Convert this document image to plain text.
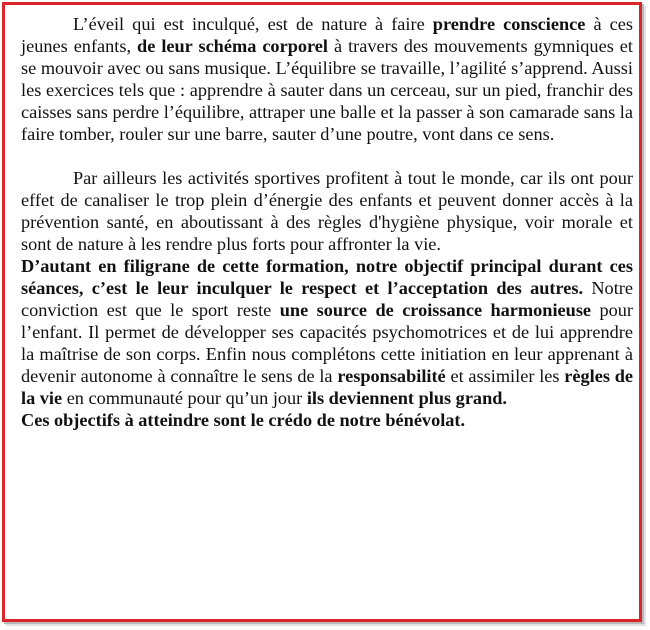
L’éveil qui est inculqué, est de nature à faire prendre conscience à ces jeunes enfants, de leur schéma corporel à travers des mouvements gymniques et se mouvoir avec ou sans musique. L’équilibre se travaille, l’agilité s’apprend. Aussi les exercices tels que : apprendre à sauter dans un cerceau, sur un pied, franchir des caisses sans perdre l’équilibre, attraper une balle et la passer à son camarade sans la faire tomber, rouler sur une barre, sauter d’une poutre, vont dans ce sens.

Par ailleurs les activités sportives profitent à tout le monde, car ils ont pour effet de canaliser le trop plein d’énergie des enfants et peuvent donner accès à la prévention santé, en aboutissant à des règles d'hygiène physique, voir morale et sont de nature à les rendre plus forts pour affronter la vie.

D’autant en filigrane de cette formation, notre objectif principal durant ces séances, c’est le leur inculquer le respect et l’acceptation des autres. Notre conviction est que le sport reste une source de croissance harmonieuse pour l’enfant. Il permet de développer ses capacités psychomotrices et de lui apprendre la maîtrise de son corps. Enfin nous complétons cette initiation en leur apprenant à devenir autonome à connaître le sens de la responsabilité et assimiler les règles de la vie en communauté pour qu’un jour ils deviennent plus grand.

Ces objectifs à atteindre sont le crédo de notre bénévolat.
